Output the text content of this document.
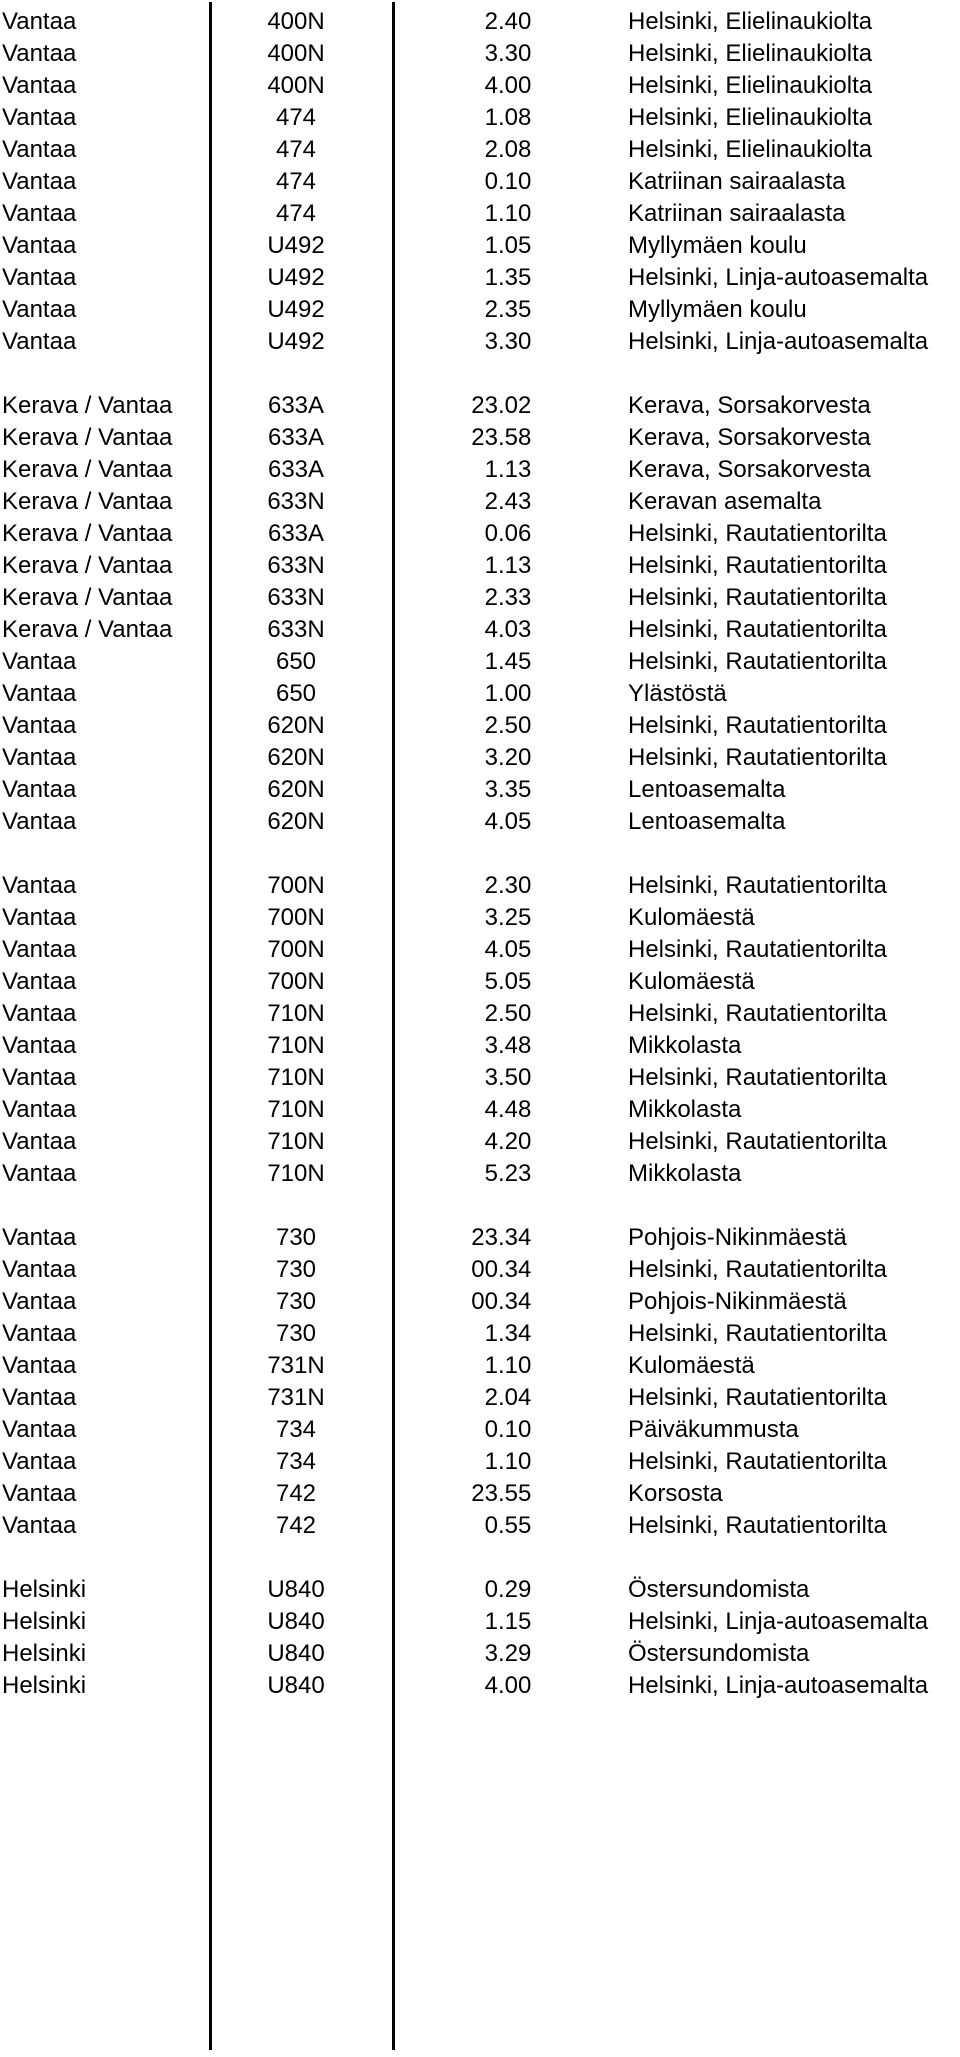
Vantaa	400N	2.40	Helsinki, Elielinaukiolta
Vantaa	400N	3.30	Helsinki, Elielinaukiolta
Vantaa	400N	4.00	Helsinki, Elielinaukiolta
Vantaa	474	1.08	Helsinki, Elielinaukiolta
Vantaa	474	2.08	Helsinki, Elielinaukiolta
Vantaa	474	0.10	Katriinan sairaalasta
Vantaa	474	1.10	Katriinan sairaalasta
Vantaa	U492	1.05	Myllymäen koulu
Vantaa	U492	1.35	Helsinki, Linja-autoasemalta
Vantaa	U492	2.35	Myllymäen koulu
Vantaa	U492	3.30	Helsinki, Linja-autoasemalta
Kerava / Vantaa	633A	23.02	Kerava, Sorsakorvesta
Kerava / Vantaa	633A	23.58	Kerava, Sorsakorvesta
Kerava / Vantaa	633A	1.13	Kerava, Sorsakorvesta
Kerava / Vantaa	633N	2.43	Keravan asemalta
Kerava / Vantaa	633A	0.06	Helsinki, Rautatientorilta
Kerava / Vantaa	633N	1.13	Helsinki, Rautatientorilta
Kerava / Vantaa	633N	2.33	Helsinki, Rautatientorilta
Kerava / Vantaa	633N	4.03	Helsinki, Rautatientorilta
Vantaa	650	1.45	Helsinki, Rautatientorilta
Vantaa	650	1.00	Ylästöstä
Vantaa	620N	2.50	Helsinki, Rautatientorilta
Vantaa	620N	3.20	Helsinki, Rautatientorilta
Vantaa	620N	3.35	Lentoasemalta
Vantaa	620N	4.05	Lentoasemalta
Vantaa	700N	2.30	Helsinki, Rautatientorilta
Vantaa	700N	3.25	Kulomäestä
Vantaa	700N	4.05	Helsinki, Rautatientorilta
Vantaa	700N	5.05	Kulomäestä
Vantaa	710N	2.50	Helsinki, Rautatientorilta
Vantaa	710N	3.48	Mikkolasta
Vantaa	710N	3.50	Helsinki, Rautatientorilta
Vantaa	710N	4.48	Mikkolasta
Vantaa	710N	4.20	Helsinki, Rautatientorilta
Vantaa	710N	5.23	Mikkolasta
Vantaa	730	23.34	Pohjois-Nikinmäestä
Vantaa	730	00.34	Helsinki, Rautatientorilta
Vantaa	730	00.34	Pohjois-Nikinmäestä
Vantaa	730	1.34	Helsinki, Rautatientorilta
Vantaa	731N	1.10	Kulomäestä
Vantaa	731N	2.04	Helsinki, Rautatientorilta
Vantaa	734	0.10	Päiväkummusta
Vantaa	734	1.10	Helsinki, Rautatientorilta
Vantaa	742	23.55	Korsosta
Vantaa	742	0.55	Helsinki, Rautatientorilta
Helsinki	U840	0.29	Östersundomista
Helsinki	U840	1.15	Helsinki, Linja-autoasemalta
Helsinki	U840	3.29	Östersundomista
Helsinki	U840	4.00	Helsinki, Linja-autoasemalta
